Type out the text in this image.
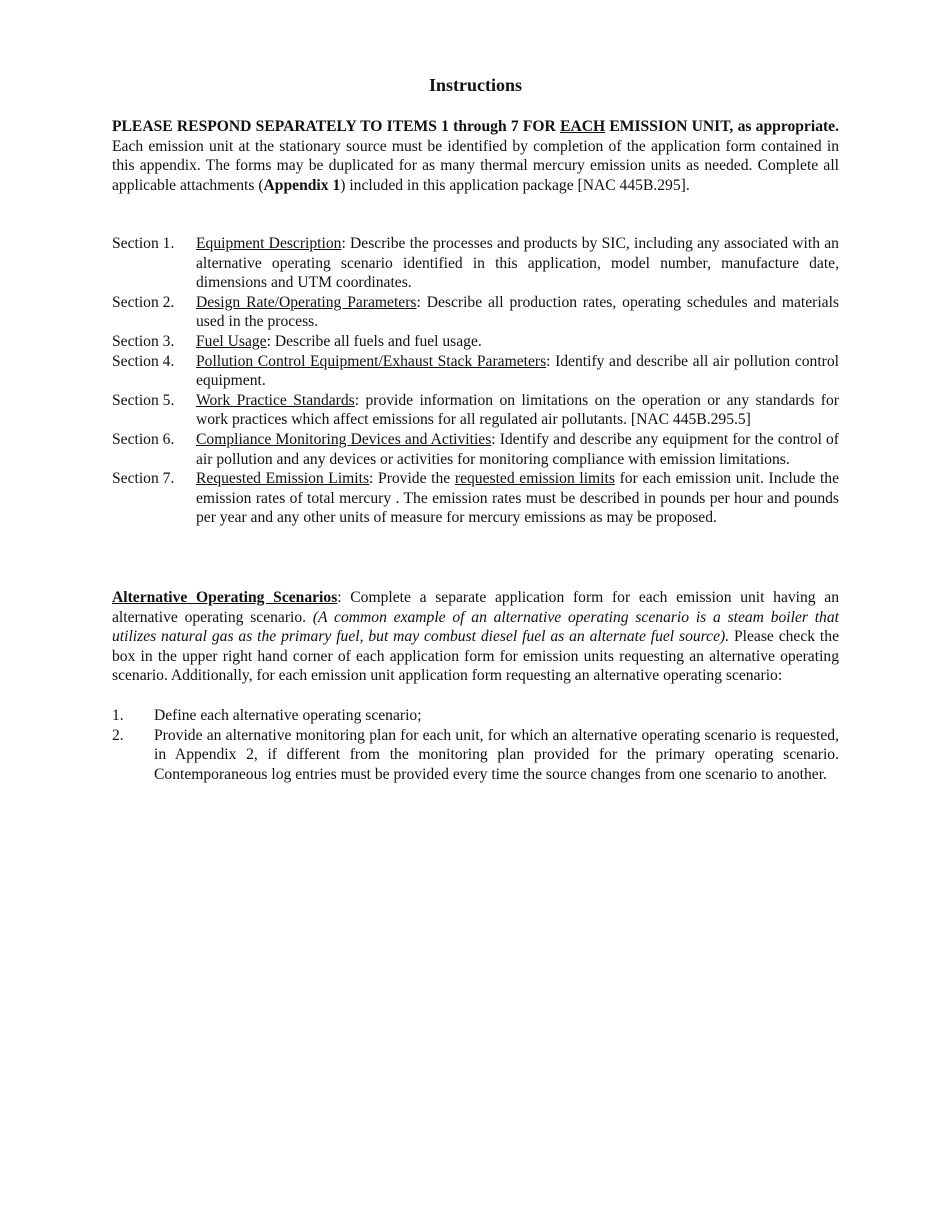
Instructions

PLEASE RESPOND SEPARATELY TO ITEMS 1 through 7 FOR EACH EMISSION UNIT, as appropriate. Each emission unit at the stationary source must be identified by completion of the application form contained in this appendix. The forms may be duplicated for as many thermal mercury emission units as needed. Complete all applicable attachments (Appendix 1) included in this application package [NAC 445B.295].

Section 1.	Equipment Description: Describe the processes and products by SIC, including any associated with an alternative operating scenario identified in this application, model number, manufacture date, dimensions and UTM coordinates.
Section 2.	Design Rate/Operating Parameters: Describe all production rates, operating schedules and materials used in the process.
Section 3.	Fuel Usage: Describe all fuels and fuel usage.
Section 4.	Pollution Control Equipment/Exhaust Stack Parameters: Identify and describe all air pollution control equipment.
Section 5.	Work Practice Standards: provide information on limitations on the operation or any standards for work practices which affect emissions for all regulated air pollutants. [NAC 445B.295.5]
Section 6.	Compliance Monitoring Devices and Activities: Identify and describe any equipment for the control of air pollution and any devices or activities for monitoring compliance with emission limitations.
Section 7.	Requested Emission Limits: Provide the requested emission limits for each emission unit. Include the emission rates of total mercury . The emission rates must be described in pounds per hour and pounds per year and any other units of measure for mercury emissions as may be proposed.

Alternative Operating Scenarios: Complete a separate application form for each emission unit having an alternative operating scenario. (A common example of an alternative operating scenario is a steam boiler that utilizes natural gas as the primary fuel, but may combust diesel fuel as an alternate fuel source). Please check the box in the upper right hand corner of each application form for emission units requesting an alternative operating scenario. Additionally, for each emission unit application form requesting an alternative operating scenario:

1.	Define each alternative operating scenario;
2.	Provide an alternative monitoring plan for each unit, for which an alternative operating scenario is requested, in Appendix 2, if different from the monitoring plan provided for the primary operating scenario. Contemporaneous log entries must be provided every time the source changes from one scenario to another.
